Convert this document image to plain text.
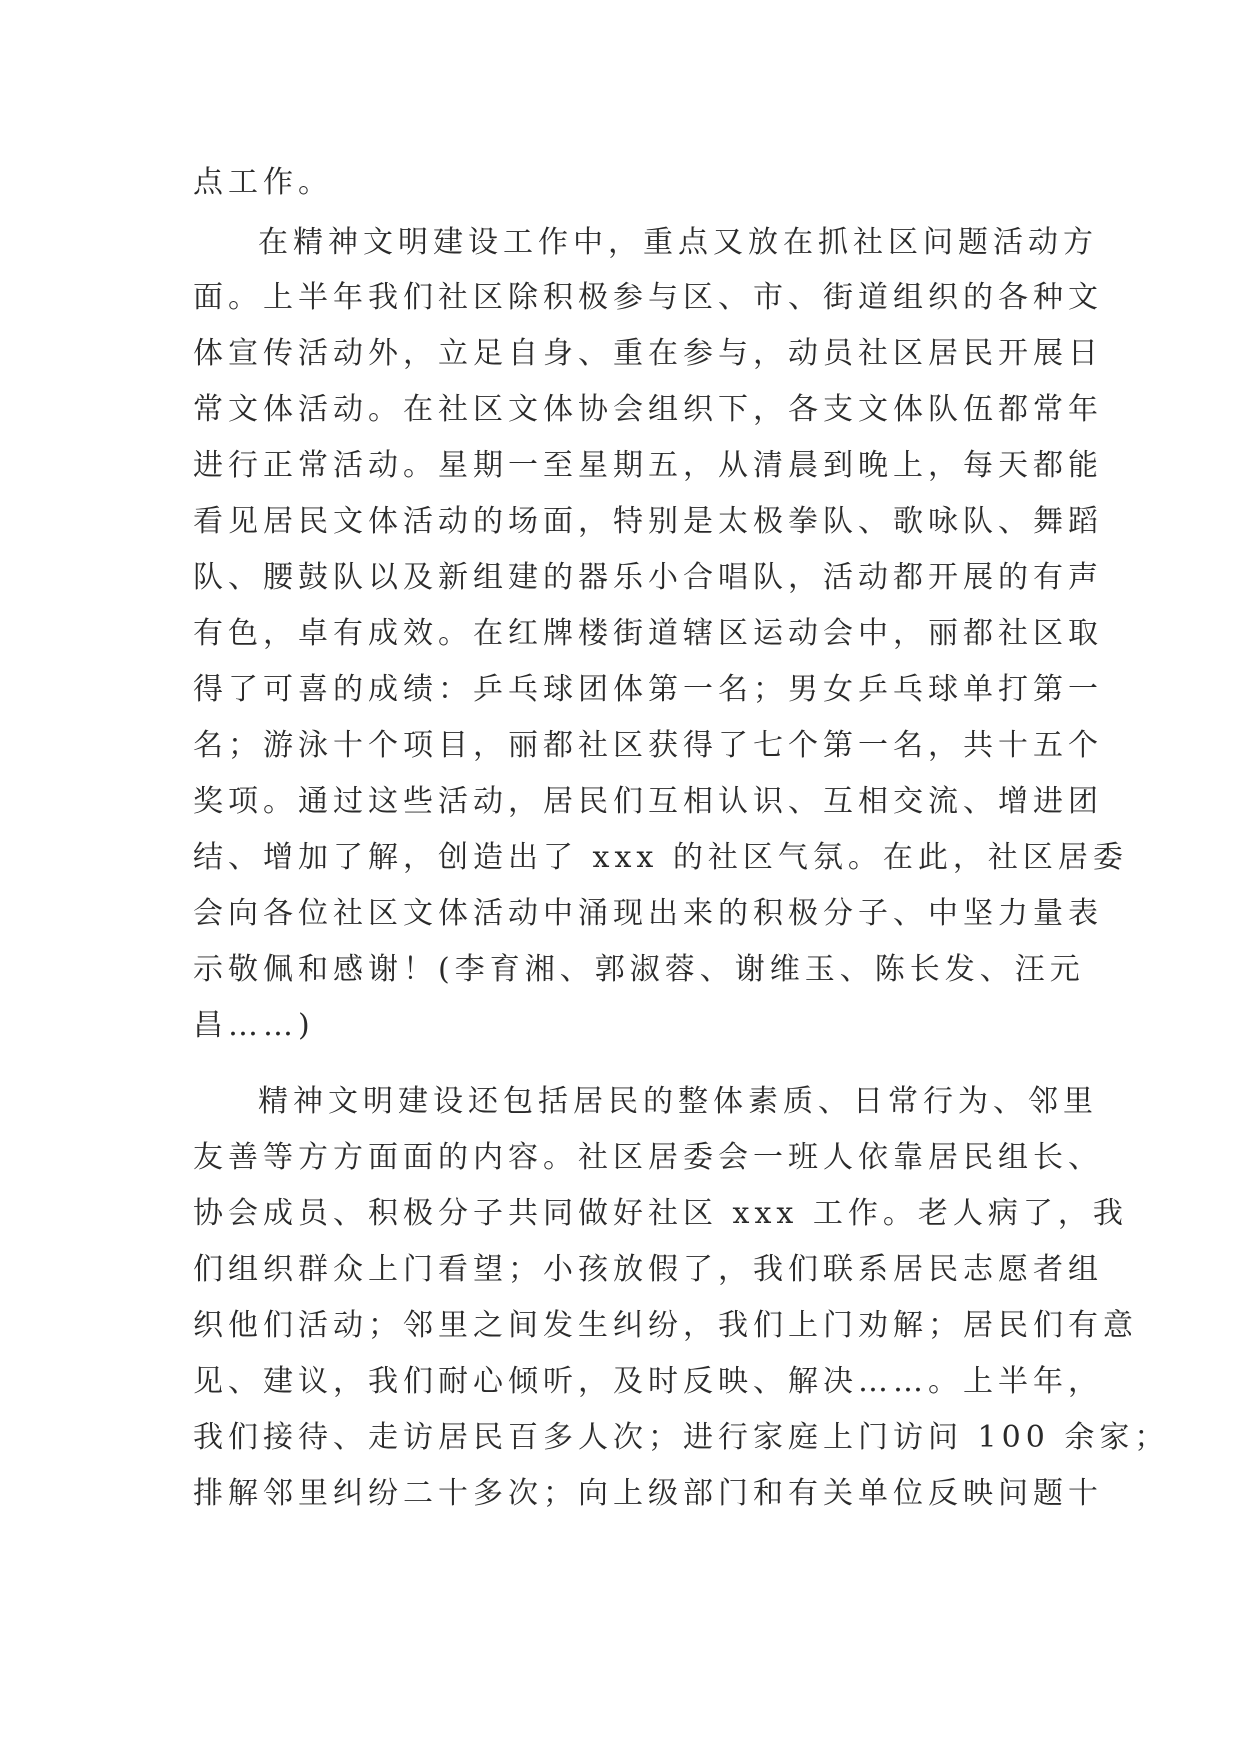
点工作。
在精神文明建设工作中，重点又放在抓社区问题活动方
面。上半年我们社区除积极参与区、市、街道组织的各种文
体宣传活动外，立足自身、重在参与，动员社区居民开展日
常文体活动。在社区文体协会组织下，各支文体队伍都常年
进行正常活动。星期一至星期五，从清晨到晚上，每天都能
看见居民文体活动的场面，特别是太极拳队、歌咏队、舞蹈
队、腰鼓队以及新组建的器乐小合唱队，活动都开展的有声
有色，卓有成效。在红牌楼街道辖区运动会中，丽都社区取
得了可喜的成绩：乒乓球团体第一名；男女乒乓球单打第一
名；游泳十个项目，丽都社区获得了七个第一名，共十五个
奖项。通过这些活动，居民们互相认识、互相交流、增进团
结、增加了解，创造出了 xxx 的社区气氛。在此，社区居委
会向各位社区文体活动中涌现出来的积极分子、中坚力量表
示敬佩和感谢！(李育湘、郭淑蓉、谢维玉、陈长发、汪元
昌……)
精神文明建设还包括居民的整体素质、日常行为、邻里
友善等方方面面的内容。社区居委会一班人依靠居民组长、
协会成员、积极分子共同做好社区 xxx 工作。老人病了，我
们组织群众上门看望；小孩放假了，我们联系居民志愿者组
织他们活动；邻里之间发生纠纷，我们上门劝解；居民们有意
见、建议，我们耐心倾听，及时反映、解决……。上半年，
我们接待、走访居民百多人次；进行家庭上门访问 100 余家；
排解邻里纠纷二十多次；向上级部门和有关单位反映问题十
